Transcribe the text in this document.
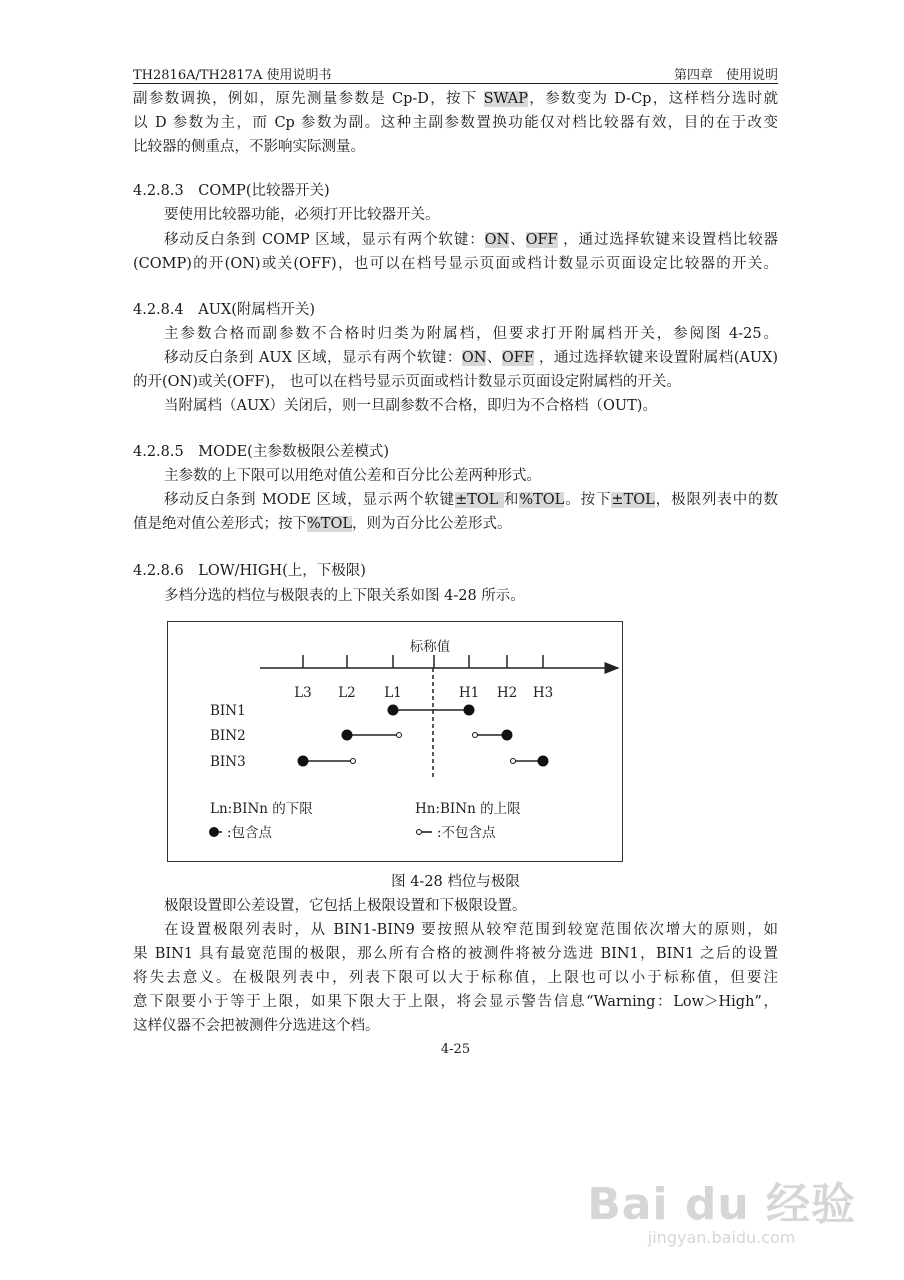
TH2816A/TH2817A 使用说明书	第四章　使用说明
副参数调换，例如，原先测量参数是 Cp-D，按下 SWAP，参数变为 D-Cp，这样档分选时就
以 D 参数为主，而 Cp 参数为副。这种主副参数置换功能仅对档比较器有效，目的在于改变
比较器的侧重点，不影响实际测量。
4.2.8.3　COMP(比较器开关)
要使用比较器功能，必须打开比较器开关。
移动反白条到 COMP 区域，显示有两个软键：ON、OFF ，通过选择软键来设置档比较器
(COMP)的开(ON)或关(OFF)，也可以在档号显示页面或档计数显示页面设定比较器的开关。
4.2.8.4　AUX(附属档开关)
主参数合格而副参数不合格时归类为附属档，但要求打开附属档开关，参阅图 4-25。
移动反白条到 AUX 区域，显示有两个软键：ON、OFF ，通过选择软键来设置附属档(AUX)
的开(ON)或关(OFF)， 也可以在档号显示页面或档计数显示页面设定附属档的开关。
当附属档（AUX）关闭后，则一旦副参数不合格，即归为不合格档（OUT)。
4.2.8.5　MODE(主参数极限公差模式)
主参数的上下限可以用绝对值公差和百分比公差两种形式。
移动反白条到 MODE 区域，显示两个软键±TOL 和%TOL。按下±TOL，极限列表中的数
值是绝对值公差形式；按下%TOL，则为百分比公差形式。
4.2.8.6　LOW/HIGH(上，下极限)
多档分选的档位与极限表的上下限关系如图 4-28 所示。
极限设置即公差设置，它包括上极限设置和下极限设置。
在设置极限列表时，从 BIN1-BIN9 要按照从较窄范围到较宽范围依次增大的原则，如
果 BIN1 具有最宽范围的极限，那么所有合格的被测件将被分选进 BIN1，BIN1 之后的设置
将失去意义。在极限列表中，列表下限可以大于标称值，上限也可以小于标称值，但要注
意下限要小于等于上限，如果下限大于上限，将会显示警告信息“Warning：Low＞High”，
这样仪器不会把被测件分选进这个档。
标称值
L3 L2 L1	H1 H2 H3
BIN1
BIN2
BIN3
Ln:BINn 的下限	Hn:BINn 的上限
:包含点	:不包含点
图 4-28 档位与极限
4-25
Bai du 经验
jingyan.baidu.com
